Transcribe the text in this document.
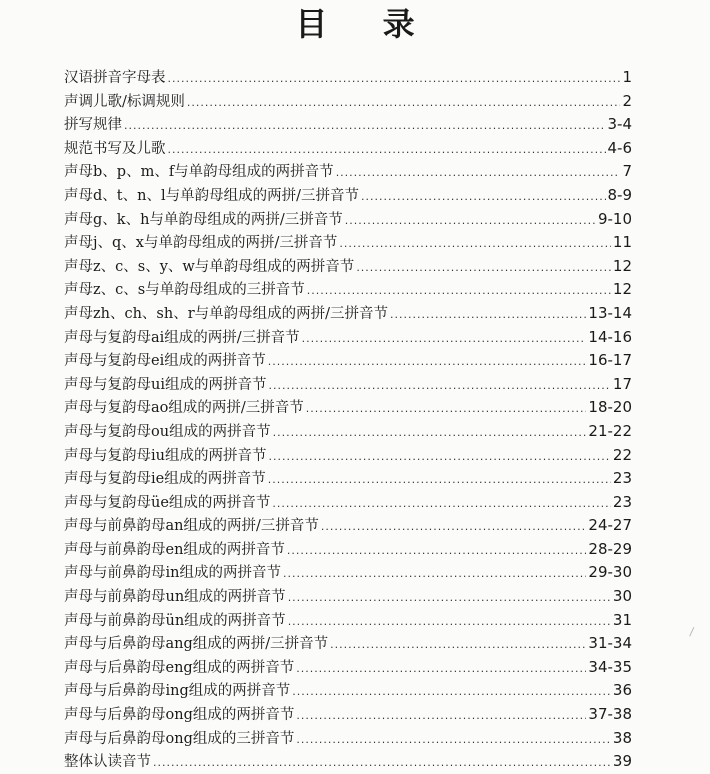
目 录
汉语拼音字母表 .....	1
声调儿歌/标调规则 .....	2
拼写规律 .....	3-4
规范书写及儿歌 .....	4-6
声母b、p、m、f与单韵母组成的两拼音节 .....	7
声母d、t、n、l与单韵母组成的两拼/三拼音节 .....	8-9
声母g、k、h与单韵母组成的两拼/三拼音节 .....	9-10
声母j、q、x与单韵母组成的两拼/三拼音节 .....	11
声母z、c、s、y、w与单韵母组成的两拼音节 .....	12
声母z、c、s与单韵母组成的三拼音节 .....	12
声母zh、ch、sh、r与单韵母组成的两拼/三拼音节 .....	13-14
声母与复韵母ai组成的两拼/三拼音节 .....	14-16
声母与复韵母ei组成的两拼音节 .....	16-17
声母与复韵母ui组成的两拼音节 .....	17
声母与复韵母ao组成的两拼/三拼音节 .....	18-20
声母与复韵母ou组成的两拼音节 .....	21-22
声母与复韵母iu组成的两拼音节 .....	22
声母与复韵母ie组成的两拼音节 .....	23
声母与复韵母üe组成的两拼音节 .....	23
声母与前鼻韵母an组成的两拼/三拼音节 .....	24-27
声母与前鼻韵母en组成的两拼音节 .....	28-29
声母与前鼻韵母in组成的两拼音节 .....	29-30
声母与前鼻韵母un组成的两拼音节 .....	30
声母与前鼻韵母ün组成的两拼音节 .....	31
声母与后鼻韵母ang组成的两拼/三拼音节 .....	31-34
声母与后鼻韵母eng组成的两拼音节 .....	34-35
声母与后鼻韵母ing组成的两拼音节 .....	36
声母与后鼻韵母ong组成的两拼音节 .....	37-38
声母与后鼻韵母ong组成的三拼音节 .....	38
整体认读音节 .....	39
